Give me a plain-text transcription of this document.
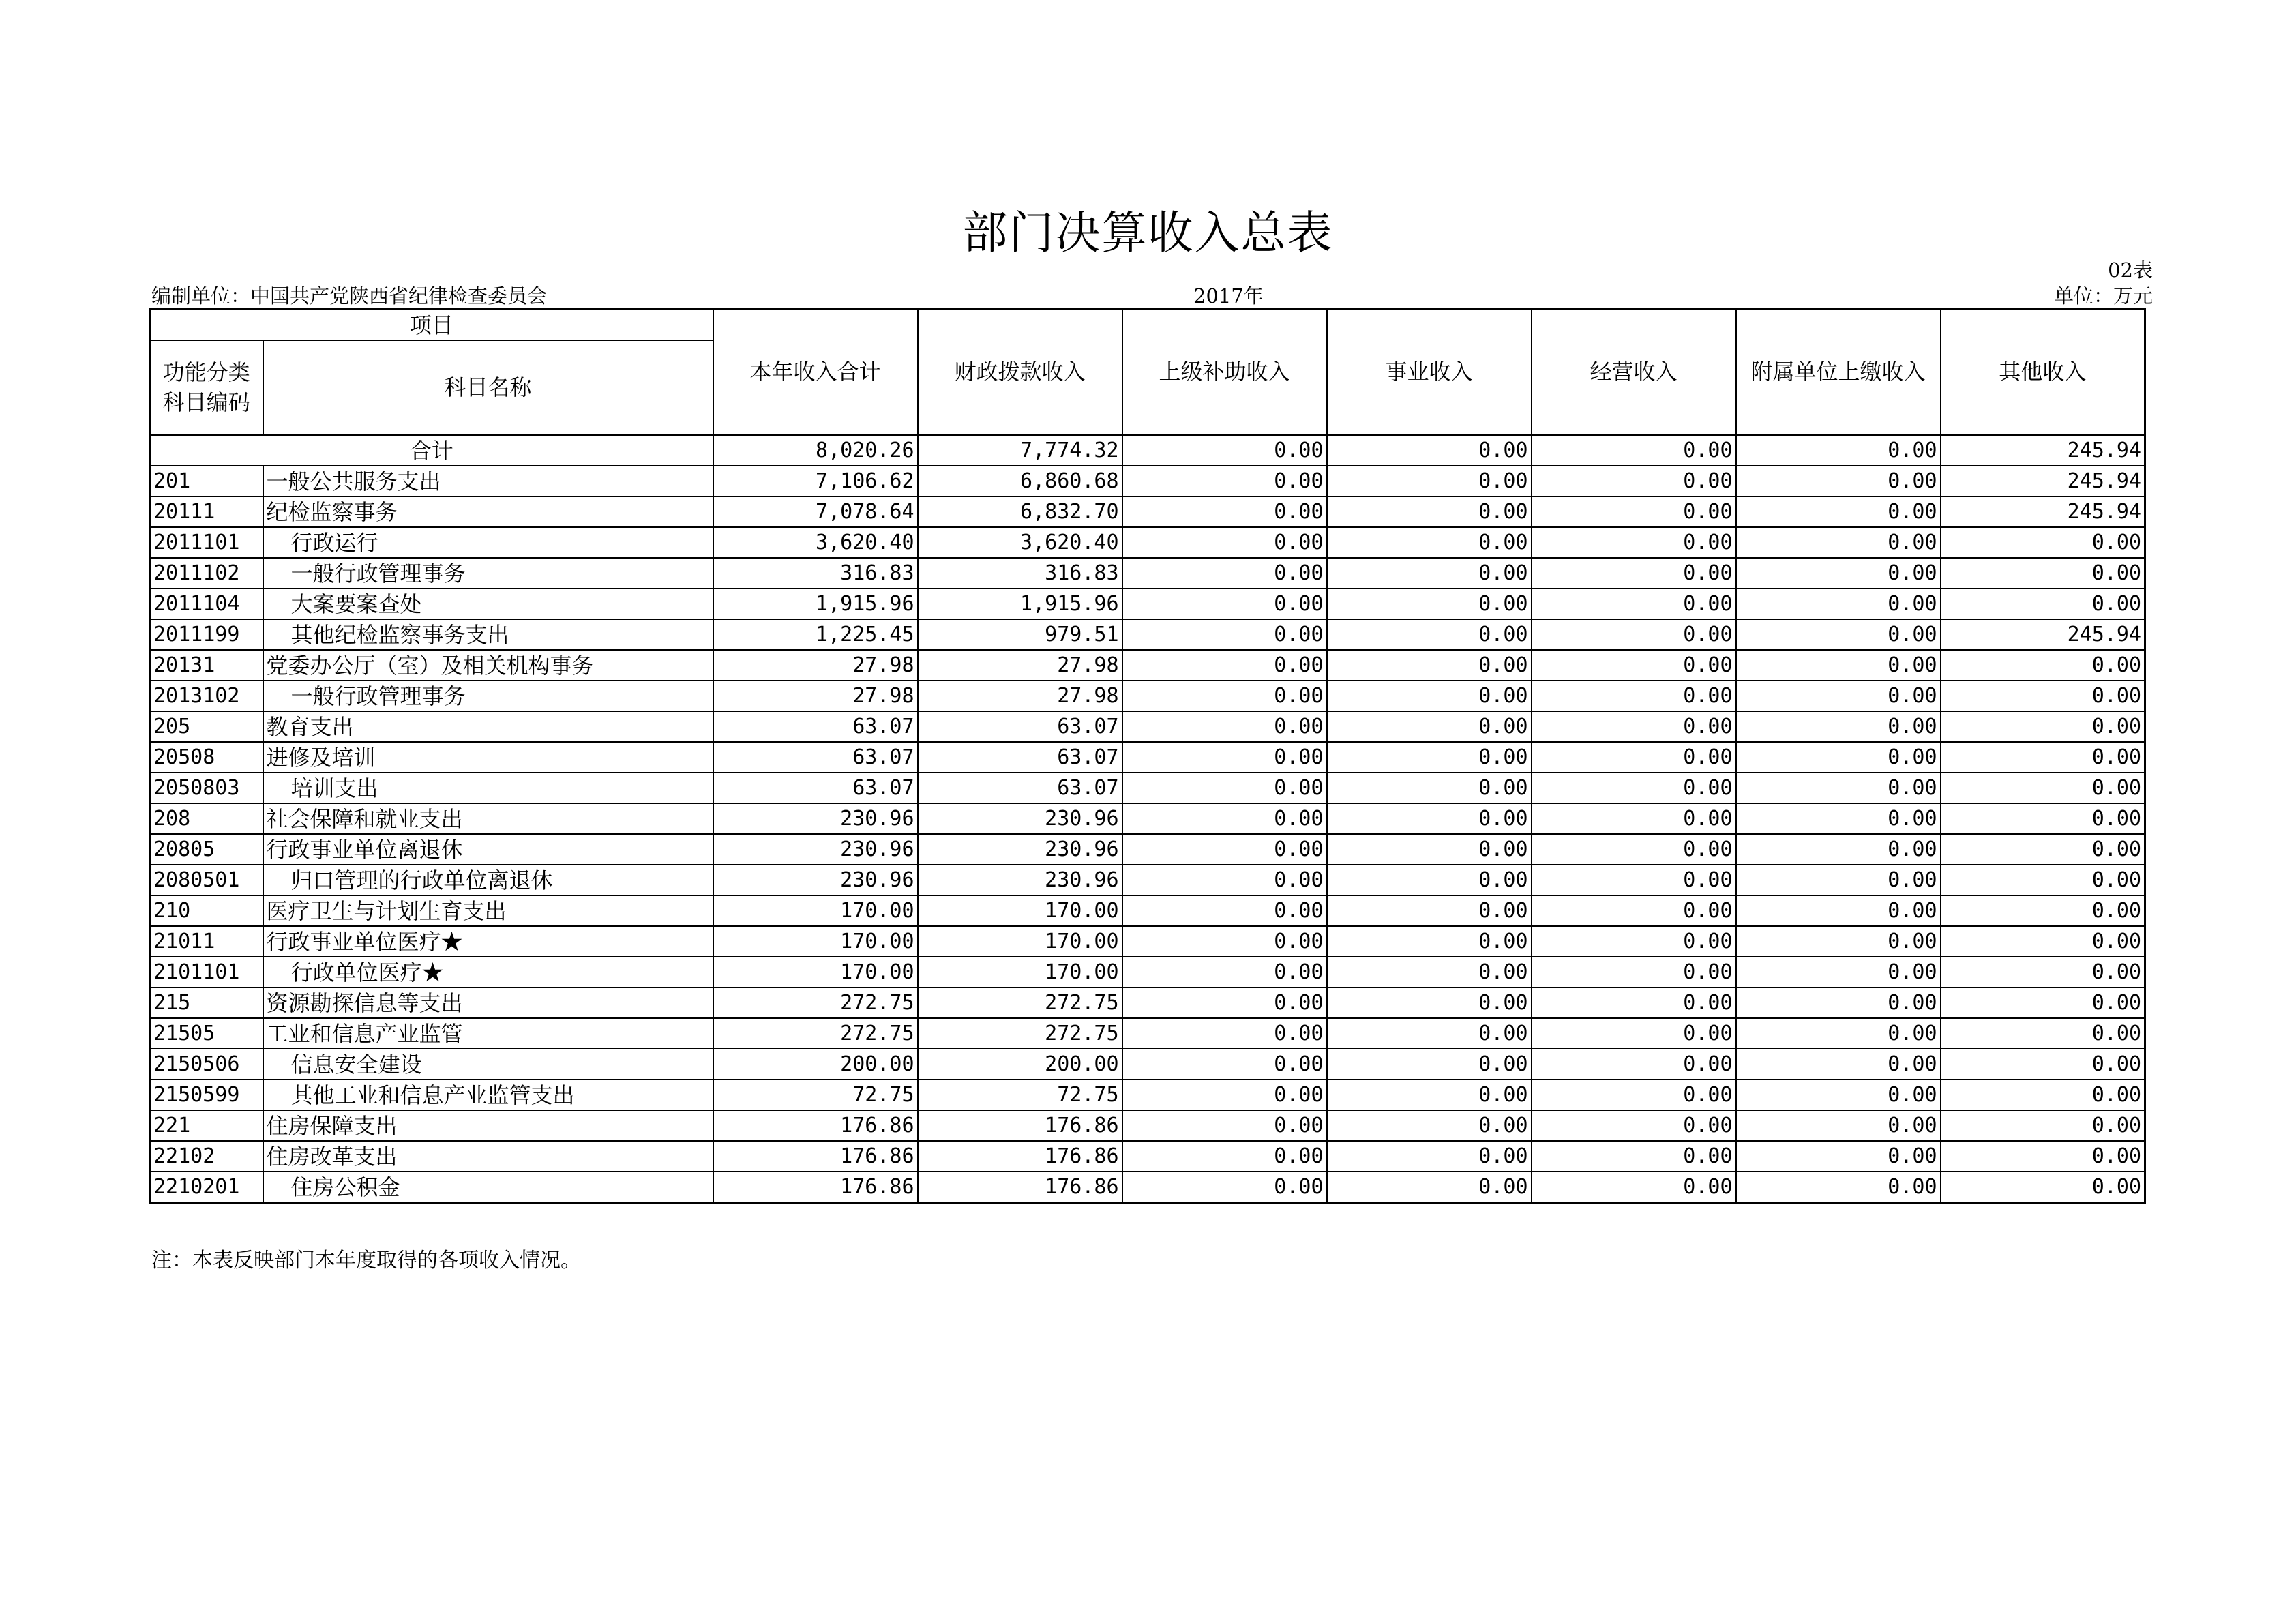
部门决算收入总表
02表
编制单位：中国共产党陕西省纪律检查委员会	2017年	单位：万元
项目		本年收入合计	财政拨款收入	上级补助收入	事业收入	经营收入	附属单位上缴收入	其他收入
功能分类科目编码	科目名称							
合计		8,020.26	7,774.32	0.00	0.00	0.00	0.00	245.94
201	一般公共服务支出	7,106.62	6,860.68	0.00	0.00	0.00	0.00	245.94
20111	纪检监察事务	7,078.64	6,832.70	0.00	0.00	0.00	0.00	245.94
2011101	行政运行	3,620.40	3,620.40	0.00	0.00	0.00	0.00	0.00
2011102	一般行政管理事务	316.83	316.83	0.00	0.00	0.00	0.00	0.00
2011104	大案要案查处	1,915.96	1,915.96	0.00	0.00	0.00	0.00	0.00
2011199	其他纪检监察事务支出	1,225.45	979.51	0.00	0.00	0.00	0.00	245.94
20131	党委办公厅（室）及相关机构事务	27.98	27.98	0.00	0.00	0.00	0.00	0.00
2013102	一般行政管理事务	27.98	27.98	0.00	0.00	0.00	0.00	0.00
205	教育支出	63.07	63.07	0.00	0.00	0.00	0.00	0.00
20508	进修及培训	63.07	63.07	0.00	0.00	0.00	0.00	0.00
2050803	培训支出	63.07	63.07	0.00	0.00	0.00	0.00	0.00
208	社会保障和就业支出	230.96	230.96	0.00	0.00	0.00	0.00	0.00
20805	行政事业单位离退休	230.96	230.96	0.00	0.00	0.00	0.00	0.00
2080501	归口管理的行政单位离退休	230.96	230.96	0.00	0.00	0.00	0.00	0.00
210	医疗卫生与计划生育支出	170.00	170.00	0.00	0.00	0.00	0.00	0.00
21011	行政事业单位医疗★	170.00	170.00	0.00	0.00	0.00	0.00	0.00
2101101	行政单位医疗★	170.00	170.00	0.00	0.00	0.00	0.00	0.00
215	资源勘探信息等支出	272.75	272.75	0.00	0.00	0.00	0.00	0.00
21505	工业和信息产业监管	272.75	272.75	0.00	0.00	0.00	0.00	0.00
2150506	信息安全建设	200.00	200.00	0.00	0.00	0.00	0.00	0.00
2150599	其他工业和信息产业监管支出	72.75	72.75	0.00	0.00	0.00	0.00	0.00
221	住房保障支出	176.86	176.86	0.00	0.00	0.00	0.00	0.00
22102	住房改革支出	176.86	176.86	0.00	0.00	0.00	0.00	0.00
2210201	住房公积金	176.86	176.86	0.00	0.00	0.00	0.00	0.00
注：本表反映部门本年度取得的各项收入情况。
